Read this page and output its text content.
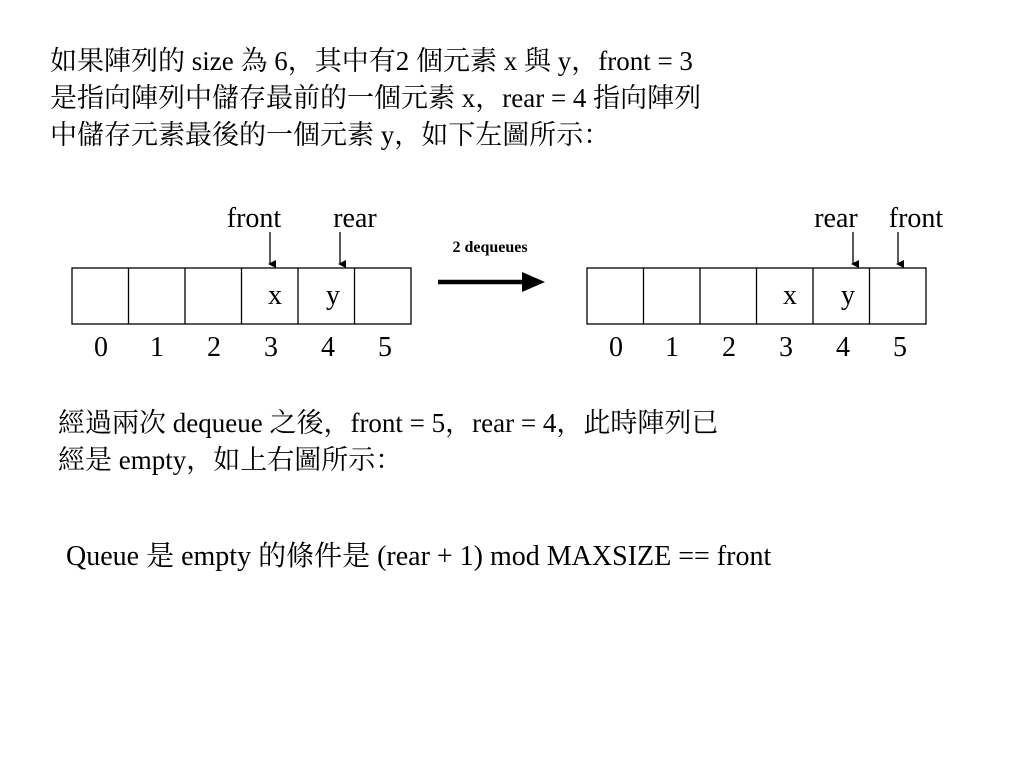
如果陣列的 size 為 6，其中有2 個元素 x 與 y，front = 3
是指向陣列中儲存最前的一個元素 x，rear = 4 指向陣列
中儲存元素最後的一個元素 y，如下左圖所示：

x y
0 1 2 3 4 5
front rear
2 dequeues
x y
0 1 2 3 4 5
rear front

經過兩次 dequeue 之後，front = 5，rear = 4，此時陣列已
經是 empty，如上右圖所示：

Queue 是 empty 的條件是 (rear + 1) mod MAXSIZE == front
